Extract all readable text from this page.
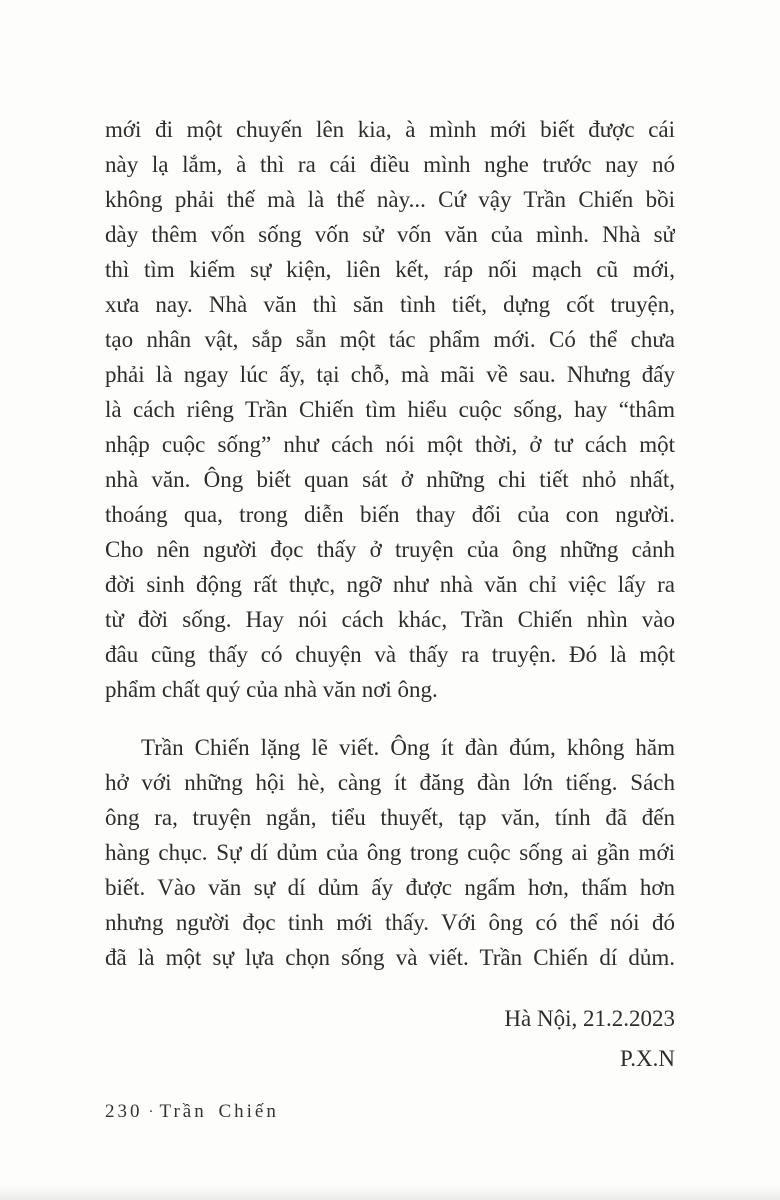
mới đi một chuyến lên kia, à mình mới biết được cái
này lạ lắm, à thì ra cái điều mình nghe trước nay nó
không phải thế mà là thế này... Cứ vậy Trần Chiến bồi
dày thêm vốn sống vốn sử vốn văn của mình. Nhà sử
thì tìm kiếm sự kiện, liên kết, ráp nối mạch cũ mới,
xưa nay. Nhà văn thì săn tình tiết, dựng cốt truyện,
tạo nhân vật, sắp sẵn một tác phẩm mới. Có thể chưa
phải là ngay lúc ấy, tại chỗ, mà mãi về sau. Nhưng đấy
là cách riêng Trần Chiến tìm hiểu cuộc sống, hay “thâm
nhập cuộc sống” như cách nói một thời, ở tư cách một
nhà văn. Ông biết quan sát ở những chi tiết nhỏ nhất,
thoáng qua, trong diễn biến thay đổi của con người.
Cho nên người đọc thấy ở truyện của ông những cảnh
đời sinh động rất thực, ngỡ như nhà văn chỉ việc lấy ra
từ đời sống. Hay nói cách khác, Trần Chiến nhìn vào
đâu cũng thấy có chuyện và thấy ra truyện. Đó là một
phẩm chất quý của nhà văn nơi ông.
Trần Chiến lặng lẽ viết. Ông ít đàn đúm, không hăm
hở với những hội hè, càng ít đăng đàn lớn tiếng. Sách
ông ra, truyện ngắn, tiểu thuyết, tạp văn, tính đã đến
hàng chục. Sự dí dủm của ông trong cuộc sống ai gần mới
biết. Vào văn sự dí dủm ấy được ngấm hơn, thấm hơn
nhưng người đọc tinh mới thấy. Với ông có thể nói đó
đã là một sự lựa chọn sống và viết. Trần Chiến dí dủm.
Hà Nội, 21.2.2023
P.X.N
230 · Trần Chiến
